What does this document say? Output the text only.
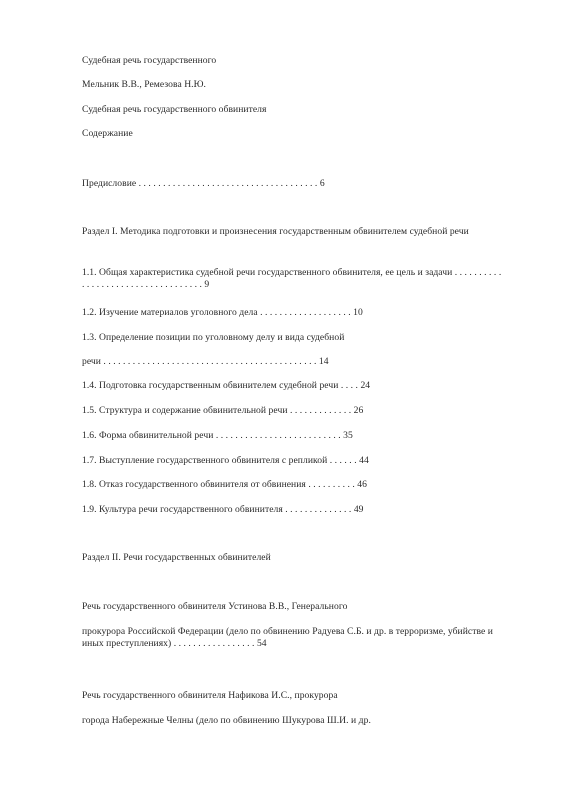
Судебная речь государственного

Мельник В.В., Ремезова Н.Ю.

Судебная речь государственного обвинителя

Содержание

Предисловие . . . . . . . . . . . . . . . . . . . . . . . . . . . . . . . . . . . . . 6

Раздел I. Методика подготовки и произнесения государственным обвинителем судебной речи

1.1. Общая характеристика судебной речи государственного обвинителя, ее цель и задачи . . . . . . . . . . . . . . . . . . . . . . . . . . . . . . . . . . . 9

1.2. Изучение материалов уголовного дела . . . . . . . . . . . . . . . . . . . 10

1.3. Определение позиции по уголовному делу и вида судебной

речи . . . . . . . . . . . . . . . . . . . . . . . . . . . . . . . . . . . . . . . . . . . . 14

1.4. Подготовка государственным обвинителем судебной речи . . . . 24

1.5. Структура и содержание обвинительной речи . . . . . . . . . . . . . 26

1.6. Форма обвинительной речи . . . . . . . . . . . . . . . . . . . . . . . . . . 35

1.7. Выступление государственного обвинителя с репликой . . . . . . 44

1.8. Отказ государственного обвинителя от обвинения . . . . . . . . . . 46

1.9. Культура речи государственного обвинителя . . . . . . . . . . . . . . 49

Раздел II. Речи государственных обвинителей

Речь государственного обвинителя Устинова В.В., Генерального

прокурора Российской Федерации (дело по обвинению Радуева С.Б. и др. в терроризме, убийстве и иных преступлениях) . . . . . . . . . . . . . . . . . 54

Речь государственного обвинителя Нафикова И.С., прокурора

города Набережные Челны (дело по обвинению Шукурова Ш.И. и др.
